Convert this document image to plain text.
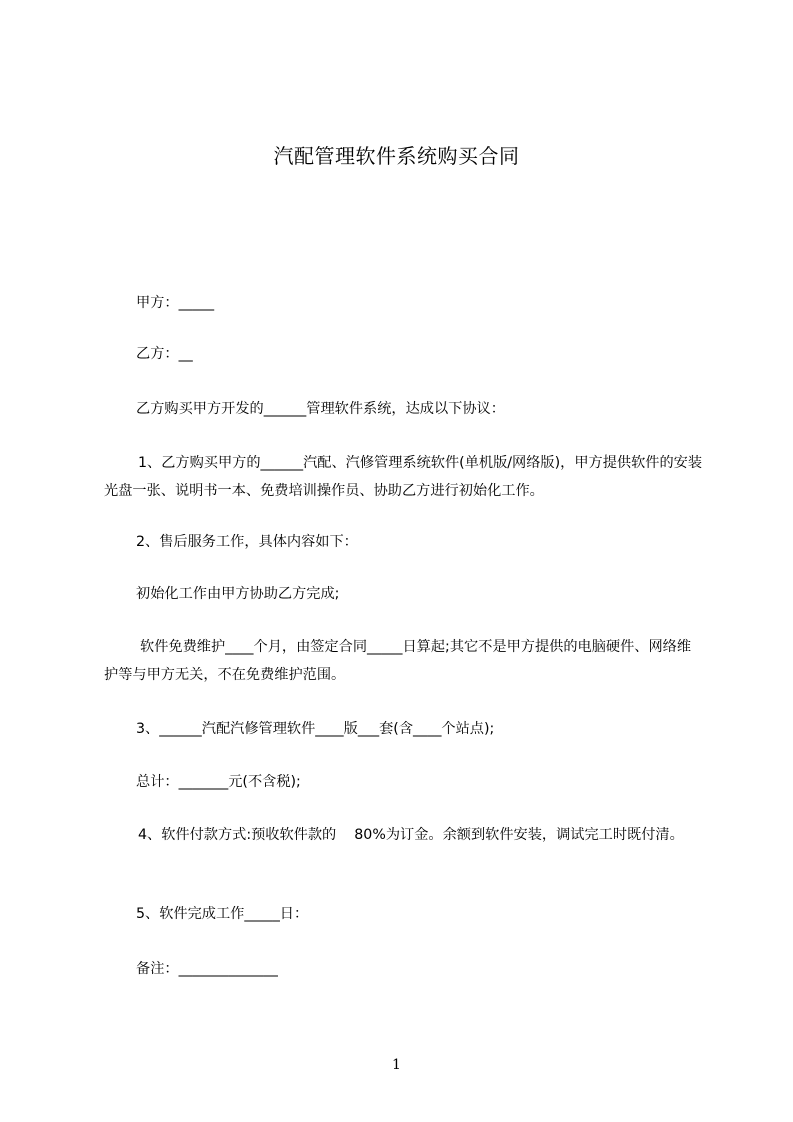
汽配管理软件系统购买合同
甲方：_____
乙方：__
乙方购买甲方开发的______管理软件系统，达成以下协议：
1、乙方购买甲方的______汽配、汽修管理系统软件(单机版/网络版)，甲方提供软件的安装光盘一张、说明书一本、免费培训操作员、协助乙方进行初始化工作。
2、售后服务工作，具体内容如下：
初始化工作由甲方协助乙方完成;
软件免费维护____个月，由签定合同_____日算起;其它不是甲方提供的电脑硬件、网络维护等与甲方无关，不在免费维护范围。
3、______汽配汽修管理软件____版___套(含____个站点);
总计：_______元(不含税);
4、软件付款方式:预收软件款的    80%为订金。余额到软件安装，调试完工时既付清。
5、软件完成工作_____日：
备注：______________
1
